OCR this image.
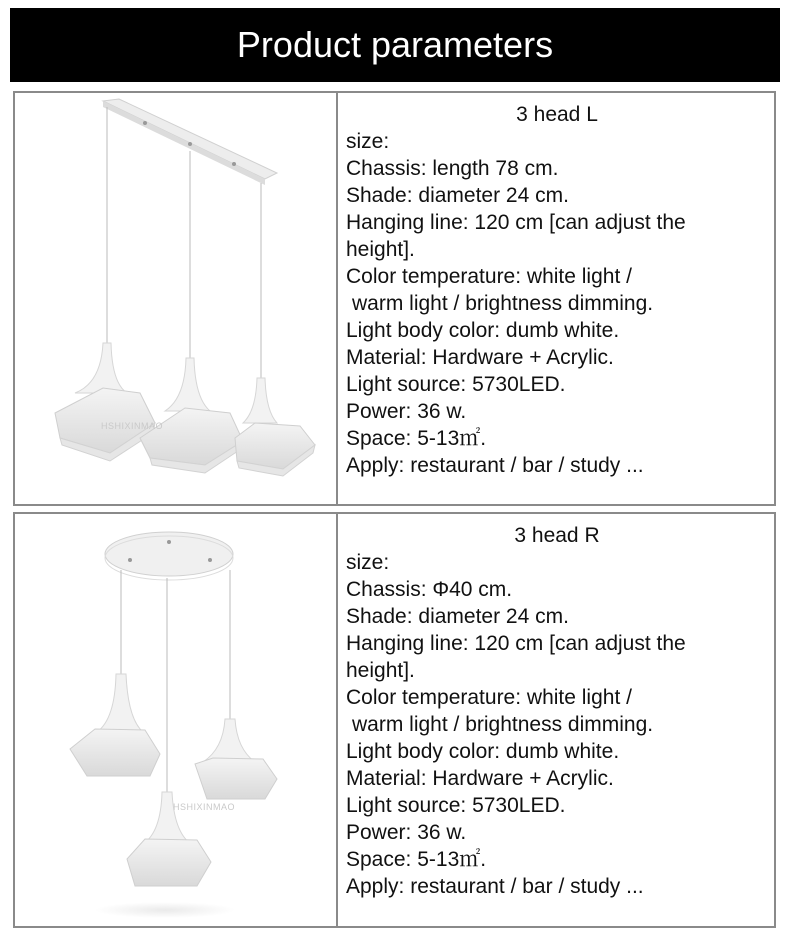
Product parameters
HSHIXINMAO
3 head L
size:
Chassis: length 78 cm.
Shade: diameter 24 cm.
Hanging line: 120 cm [can adjust the
height].
Color temperature: white light /
warm light / brightness dimming.
Light body color: dumb white.
Material: Hardware + Acrylic.
Light source: 5730LED.
Power: 36 w.
Space: 5-13㎡.
Apply: restaurant / bar / study ...
HSHIXINMAO
3 head R
size:
Chassis: Φ40 cm.
Shade: diameter 24 cm.
Hanging line: 120 cm [can adjust the
height].
Color temperature: white light /
warm light / brightness dimming.
Light body color: dumb white.
Material: Hardware + Acrylic.
Light source: 5730LED.
Power: 36 w.
Space: 5-13㎡.
Apply: restaurant / bar / study ...
